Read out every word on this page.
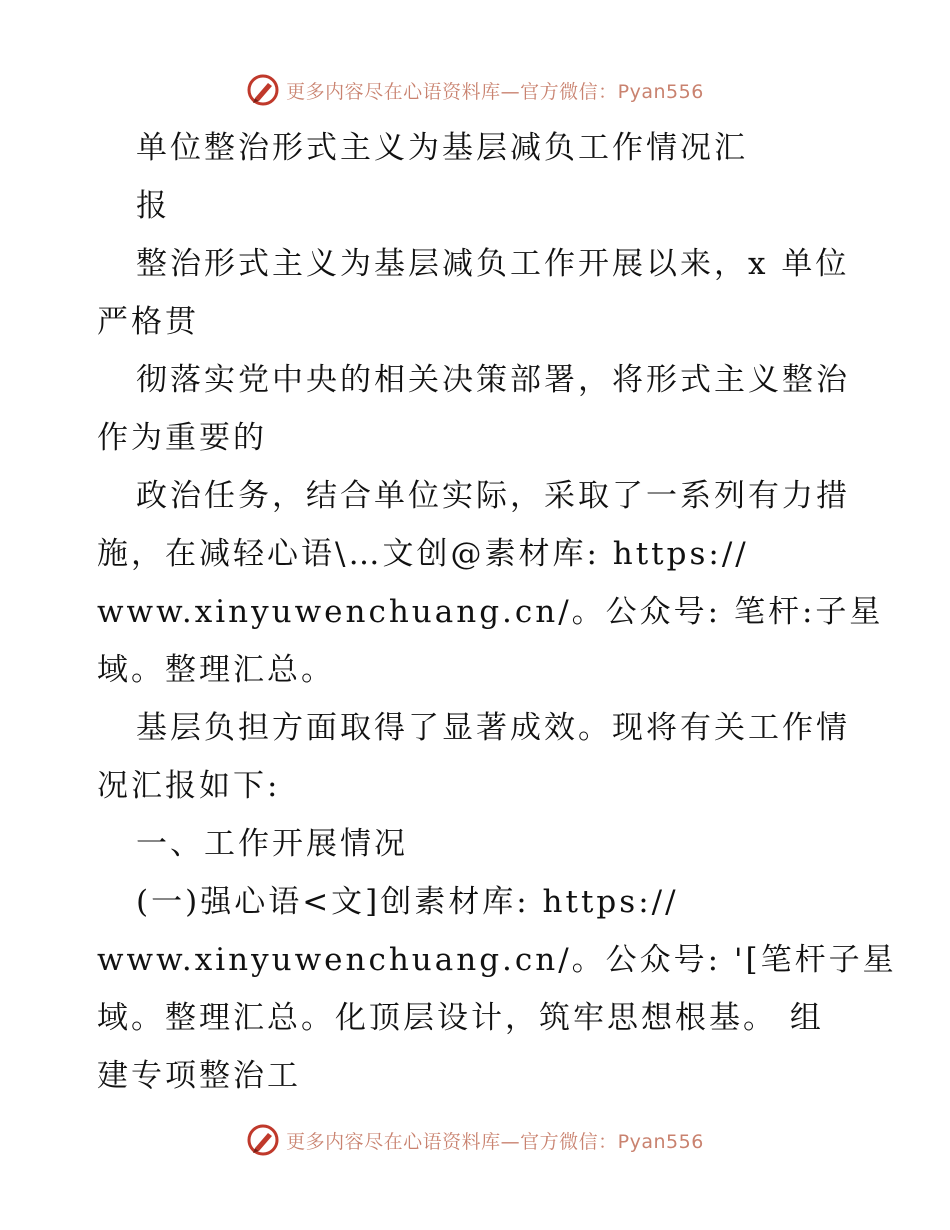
更多内容尽在心语资料库—官方微信：Pyan556
单位整治形式主义为基层减负工作情况汇
报
整治形式主义为基层减负工作开展以来，x 单位
严格贯
彻落实党中央的相关决策部署，将形式主义整治
作为重要的
政治任务，结合单位实际，采取了一系列有力措
施，在减轻心语\…文创@素材库: https://
www.xinyuwenchuang.cn/。公众号: 笔杆:子星
域。整理汇总。
基层负担方面取得了显著成效。现将有关工作情
况汇报如下:
一、工作开展情况
(一)强心语<文]创素材库: https://
www.xinyuwenchuang.cn/。公众号: '[笔杆子星
域。整理汇总。化顶层设计，筑牢思想根基。 组
建专项整治工
更多内容尽在心语资料库—官方微信：Pyan556
